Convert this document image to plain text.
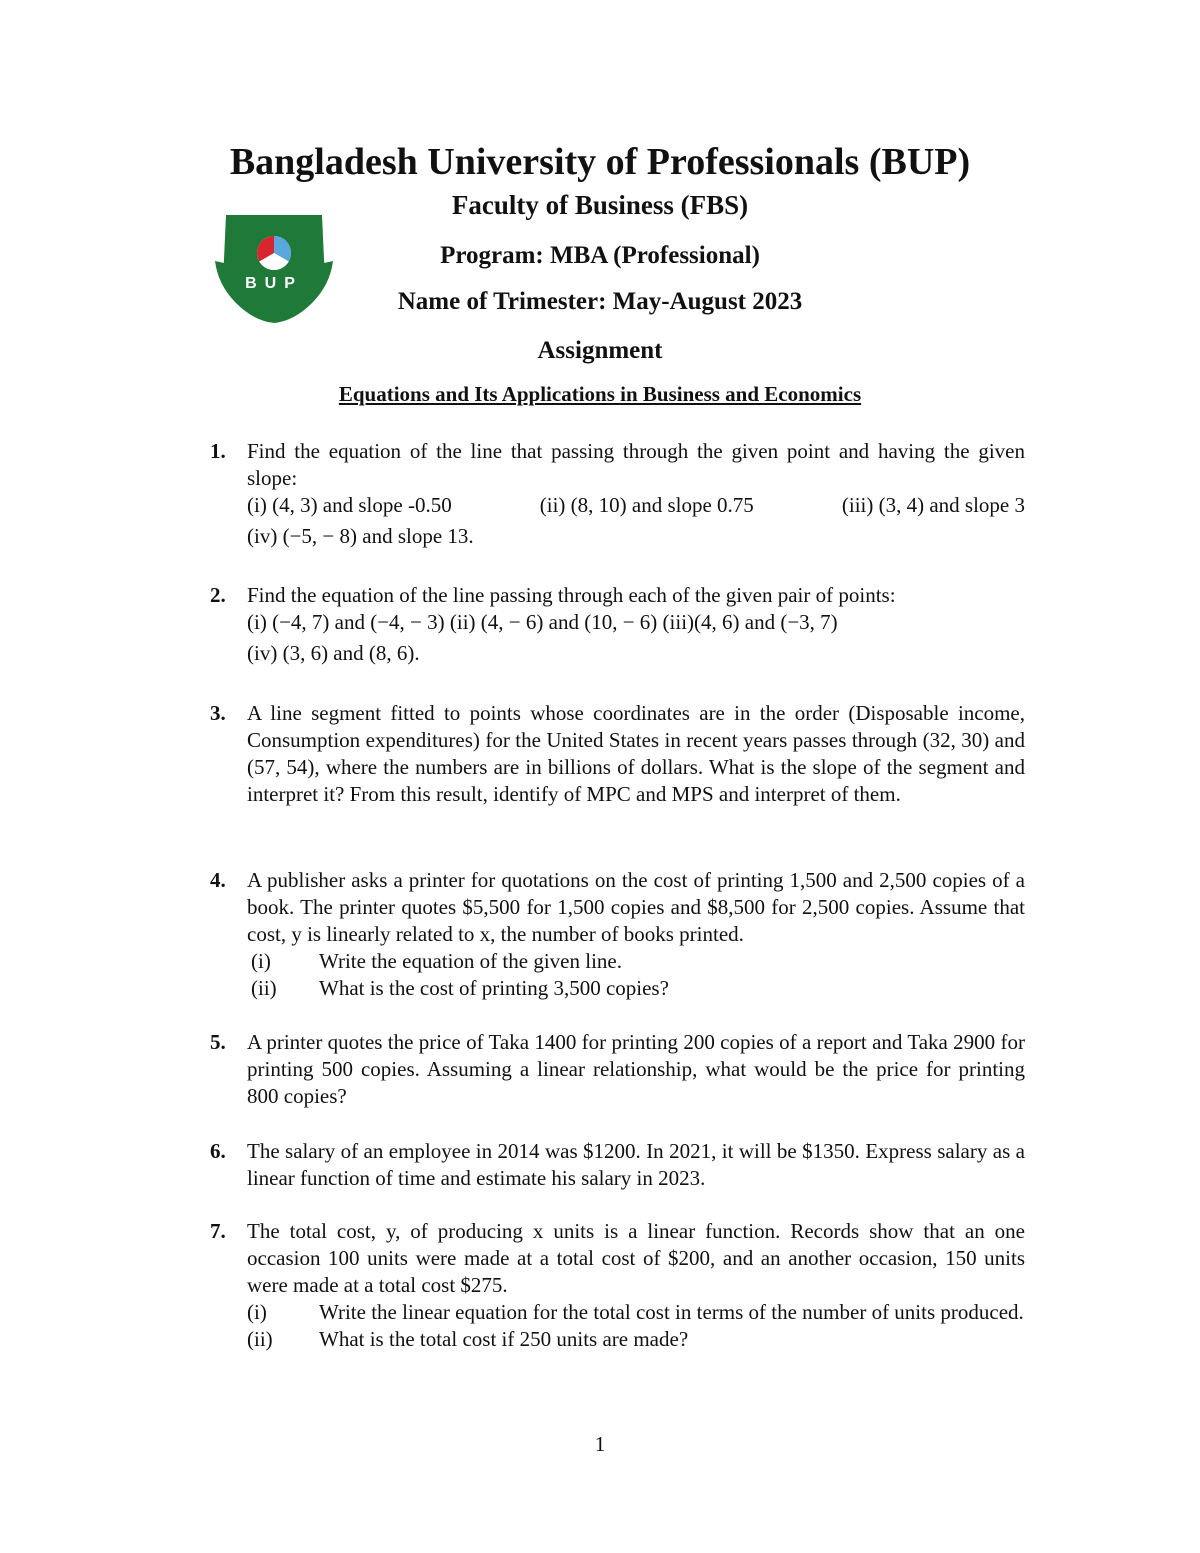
Bangladesh University of Professionals (BUP)
BUP
Faculty of Business (FBS)
Program: MBA (Professional)
Name of Trimester: May-August 2023
Assignment
Equations and Its Applications in Business and Economics
1. Find the equation of the line that passing through the given point and having the given slope:
(i) (4, 3) and slope -0.50	(ii) (8, 10) and slope 0.75	(iii) (3, 4) and slope 3
(iv) (−5, − 8) and slope 13.
2. Find the equation of the line passing through each of the given pair of points:
(i) (−4, 7) and (−4, − 3) (ii) (4, − 6) and (10, − 6) (iii)(4, 6) and (−3, 7)
(iv) (3, 6) and (8, 6).
3. A line segment fitted to points whose coordinates are in the order (Disposable income, Consumption expenditures) for the United States in recent years passes through (32, 30) and (57, 54), where the numbers are in billions of dollars. What is the slope of the segment and interpret it? From this result, identify of MPC and MPS and interpret of them.
4. A publisher asks a printer for quotations on the cost of printing 1,500 and 2,500 copies of a book. The printer quotes $5,500 for 1,500 copies and $8,500 for 2,500 copies. Assume that cost, y is linearly related to x, the number of books printed.
(i)	Write the equation of the given line.
(ii)	What is the cost of printing 3,500 copies?
5. A printer quotes the price of Taka 1400 for printing 200 copies of a report and Taka 2900 for printing 500 copies. Assuming a linear relationship, what would be the price for printing 800 copies?
6. The salary of an employee in 2014 was $1200. In 2021, it will be $1350. Express salary as a linear function of time and estimate his salary in 2023.
7. The total cost, y, of producing x units is a linear function. Records show that an one occasion 100 units were made at a total cost of $200, and an another occasion, 150 units were made at a total cost $275.
(i)	Write the linear equation for the total cost in terms of the number of units produced.
(ii)	What is the total cost if 250 units are made?
1
